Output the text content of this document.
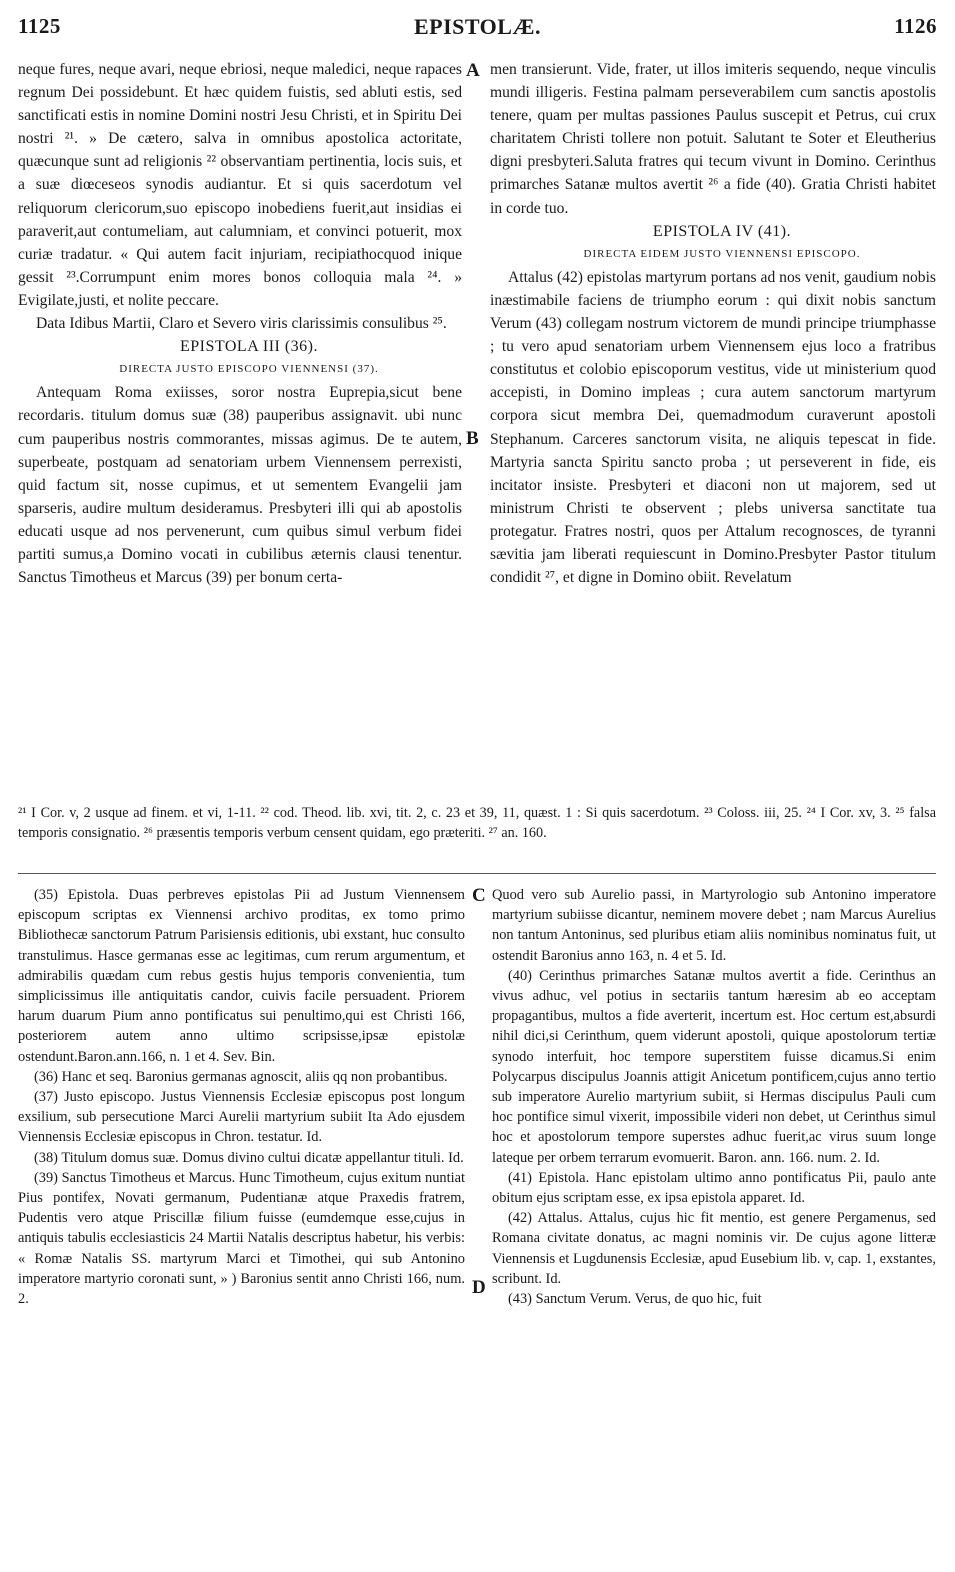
1125	EPISTOLÆ.	1126
A
B
C
D

neque fures, neque avari, neque ebriosi, neque maledici, neque rapaces regnum Dei possidebunt. Et hæc quidem fuistis, sed abluti estis, sed sanctificati estis in nomine Domini nostri Jesu Christi, et in Spiritu Dei nostri ²¹. » De cætero, salva in omnibus apostolica actoritate, quæcunque sunt ad religionis ²² observantiam pertinentia, locis suis, et a suæ diœceseos synodis audiantur. Et si quis sacerdotum vel reliquorum clericorum,suo episcopo inobediens fuerit,aut insidias ei paraverit,aut contumeliam, aut calumniam, et convinci potuerit, mox curiæ tradatur. « Qui autem facit injuriam, recipiathocquod inique gessit ²³.Corrumpunt enim mores bonos colloquia mala ²⁴. » Evigilate,justi, et nolite peccare.

Data Idibus Martii, Claro et Severo viris clarissimis consulibus ²⁵.

EPISTOLA III (36).

DIRECTA JUSTO EPISCOPO VIENNENSI (37).

Antequam Roma exiisses, soror nostra Euprepia,sicut bene recordaris. titulum domus suæ (38) pauperibus assignavit. ubi nunc cum pauperibus nostris commorantes, missas agimus. De te autem, superbeate, postquam ad senatoriam urbem Viennensem perrexisti, quid factum sit, nosse cupimus, et ut sementem Evangelii jam sparseris, audire multum desideramus. Presbyteri illi qui ab apostolis educati usque ad nos pervenerunt, cum quibus simul verbum fidei partiti sumus,a Domino vocati in cubilibus æternis clausi tenentur. Sanctus Timotheus et Marcus (39) per bonum certa-

men transierunt. Vide, frater, ut illos imiteris sequendo, neque vinculis mundi illigeris. Festina palmam perseverabilem cum sanctis apostolis tenere, quam per multas passiones Paulus suscepit et Petrus, cui crux charitatem Christi tollere non potuit. Salutant te Soter et Eleutherius digni presbyteri.Saluta fratres qui tecum vivunt in Domino. Cerinthus primarches Satanæ multos avertit ²⁶ a fide (40). Gratia Christi habitet in corde tuo.

EPISTOLA IV (41).

DIRECTA EIDEM JUSTO VIENNENSI EPISCOPO.

Attalus (42) epistolas martyrum portans ad nos venit, gaudium nobis inæstimabile faciens de triumpho eorum : qui dixit nobis sanctum Verum (43) collegam nostrum victorem de mundi principe triumphasse ; tu vero apud senatoriam urbem Viennensem ejus loco a fratribus constitutus et colobio episcoporum vestitus, vide ut ministerium quod accepisti, in Domino impleas ; cura autem sanctorum martyrum corpora sicut membra Dei, quemadmodum curaverunt apostoli Stephanum. Carceres sanctorum visita, ne aliquis tepescat in fide. Martyria sancta Spiritu sancto proba ; ut perseverent in fide, eis incitator insiste. Presbyteri et diaconi non ut majorem, sed ut ministrum Christi te observent ; plebs universa sanctitate tua protegatur. Fratres nostri, quos per Attalum recognosces, de tyranni sævitia jam liberati requiescunt in Domino.Presbyter Pastor titulum condidit ²⁷, et digne in Domino obiit. Revelatum

²¹ I Cor. v, 2 usque ad finem. et vi, 1-11. ²² cod. Theod. lib. xvi, tit. 2, c. 23 et 39, 11, quæst. 1 : Si quis sacerdotum. ²³ Coloss. iii, 25. ²⁴ I Cor. xv, 3. ²⁵ falsa temporis consignatio. ²⁶ præsentis temporis verbum censent quidam, ego præteriti. ²⁷ an. 160.

(35) Epistola. Duas perbreves epistolas Pii ad Justum Viennensem episcopum scriptas ex Viennensi archivo proditas, ex tomo primo Bibliothecæ sanctorum Patrum Parisiensis editionis, ubi exstant, huc consulto transtulimus. Hasce germanas esse ac legitimas, cum rerum argumentum, et admirabilis quædam cum rebus gestis hujus temporis convenientia, tum simplicissimus ille antiquitatis candor, cuivis facile persuadent. Priorem harum duarum Pium anno pontificatus sui penultimo,qui est Christi 166, posteriorem autem anno ultimo scripsisse,ipsæ epistolæ ostendunt.Baron.ann.166, n. 1 et 4. Sev. Bin.

(36) Hanc et seq. Baronius germanas agnoscit, aliis qq non probantibus.

(37) Justo episcopo. Justus Viennensis Ecclesiæ episcopus post longum exsilium, sub persecutione Marci Aurelii martyrium subiit Ita Ado ejusdem Viennensis Ecclesiæ episcopus in Chron. testatur. Id.

(38) Titulum domus suæ. Domus divino cultui dicatæ appellantur tituli. Id.

(39) Sanctus Timotheus et Marcus. Hunc Timotheum, cujus exitum nuntiat Pius pontifex, Novati germanum, Pudentianæ atque Praxedis fratrem, Pudentis vero atque Priscillæ filium fuisse (eumdemque esse,cujus in antiquis tabulis ecclesiasticis 24 Martii Natalis descriptus habetur, his verbis: « Romæ Natalis SS. martyrum Marci et Timothei, qui sub Antonino imperatore martyrio coronati sunt, » ) Baronius sentit anno Christi 166, num. 2.

Quod vero sub Aurelio passi, in Martyrologio sub Antonino imperatore martyrium subiisse dicantur, neminem movere debet ; nam Marcus Aurelius non tantum Antoninus, sed pluribus etiam aliis nominibus nominatus fuit, ut ostendit Baronius anno 163, n. 4 et 5. Id.

(40) Cerinthus primarches Satanæ multos avertit a fide. Cerinthus an vivus adhuc, vel potius in sectariis tantum hæresim ab eo acceptam propagantibus, multos a fide averterit, incertum est. Hoc certum est,absurdi nihil dici,si Cerinthum, quem viderunt apostoli, quique apostolorum tertiæ synodo interfuit, hoc tempore superstitem fuisse dicamus.Si enim Polycarpus discipulus Joannis attigit Anicetum pontificem,cujus anno tertio sub imperatore Aurelio martyrium subiit, si Hermas discipulus Pauli cum hoc pontifice simul vixerit, impossibile videri non debet, ut Cerinthus simul hoc et apostolorum tempore superstes adhuc fuerit,ac virus suum longe lateque per orbem terrarum evomuerit. Baron. ann. 166. num. 2. Id.

(41) Epistola. Hanc epistolam ultimo anno pontificatus Pii, paulo ante obitum ejus scriptam esse, ex ipsa epistola apparet. Id.

(42) Attalus. Attalus, cujus hic fit mentio, est genere Pergamenus, sed Romana civitate donatus, ac magni nominis vir. De cujus agone litteræ Viennensis et Lugdunensis Ecclesiæ, apud Eusebium lib. v, cap. 1, exstantes, scribunt. Id.

(43) Sanctum Verum. Verus, de quo hic, fuit
